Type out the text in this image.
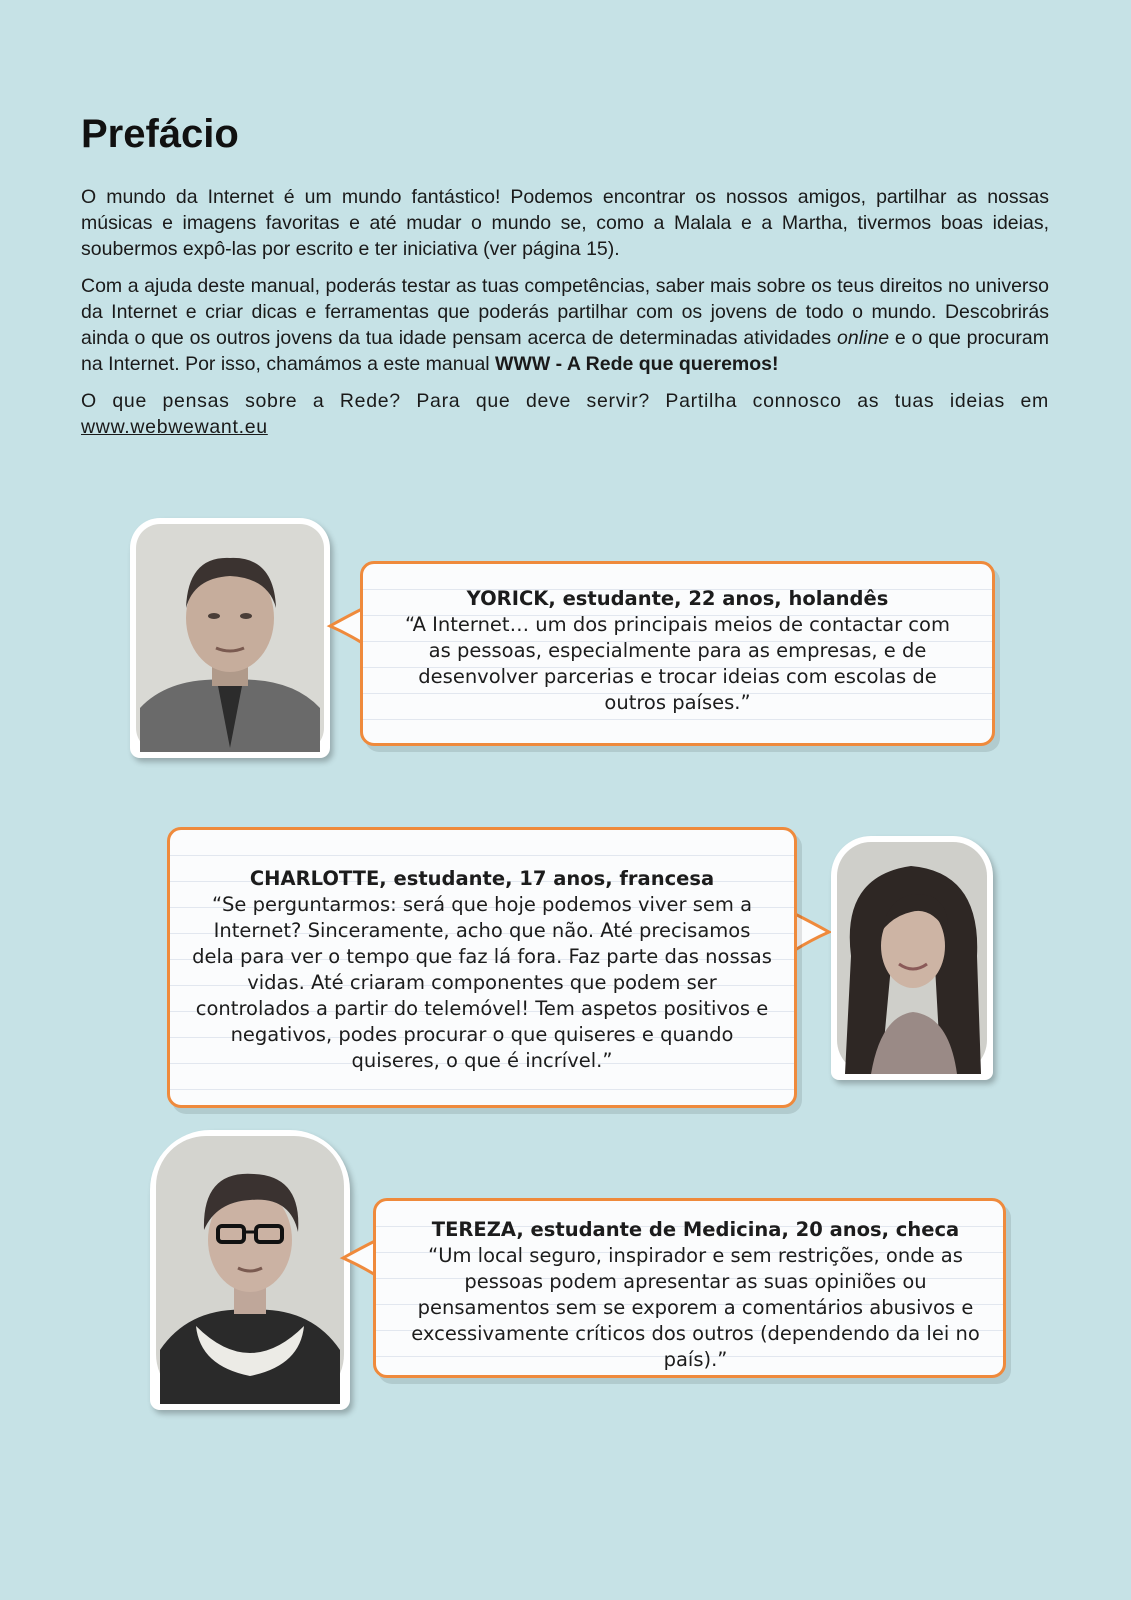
Prefácio

O mundo da Internet é um mundo fantástico! Podemos encontrar os nossos amigos, partilhar as nossas músicas e imagens favoritas e até mudar o mundo se, como a Malala e a Martha, tivermos boas ideias, soubermos expô-las por escrito e ter iniciativa (ver página 15).

Com a ajuda deste manual, poderás testar as tuas competências, saber mais sobre os teus direitos no universo da Internet e criar dicas e ferramentas que poderás partilhar com os jovens de todo o mundo. Descobrirás ainda o que os outros jovens da tua idade pensam acerca de determinadas atividades online e o que procuram na Internet. Por isso, chamámos a este manual WWW - A Rede que queremos!

O que pensas sobre a Rede? Para que deve servir? Partilha connosco as tuas ideias em www.webwewant.eu

YORICK, estudante, 22 anos, holandês
“A Internet… um dos principais meios de contactar com as pessoas, especialmente para as empresas, e de desenvolver parcerias e trocar ideias com escolas de outros países.”
CHARLOTTE, estudante, 17 anos, francesa
“Se perguntarmos: será que hoje podemos viver sem a Internet? Sinceramente, acho que não. Até precisamos dela para ver o tempo que faz lá fora. Faz parte das nossas vidas. Até criaram componentes que podem ser controlados a partir do telemóvel! Tem aspetos positivos e negativos, podes procurar o que quiseres e quando quiseres, o que é incrível.”
TEREZA, estudante de Medicina, 20 anos, checa
“Um local seguro, inspirador e sem restrições, onde as pessoas podem apresentar as suas opiniões ou pensamentos sem se exporem a comentários abusivos e excessivamente críticos dos outros (dependendo da lei no país).”
